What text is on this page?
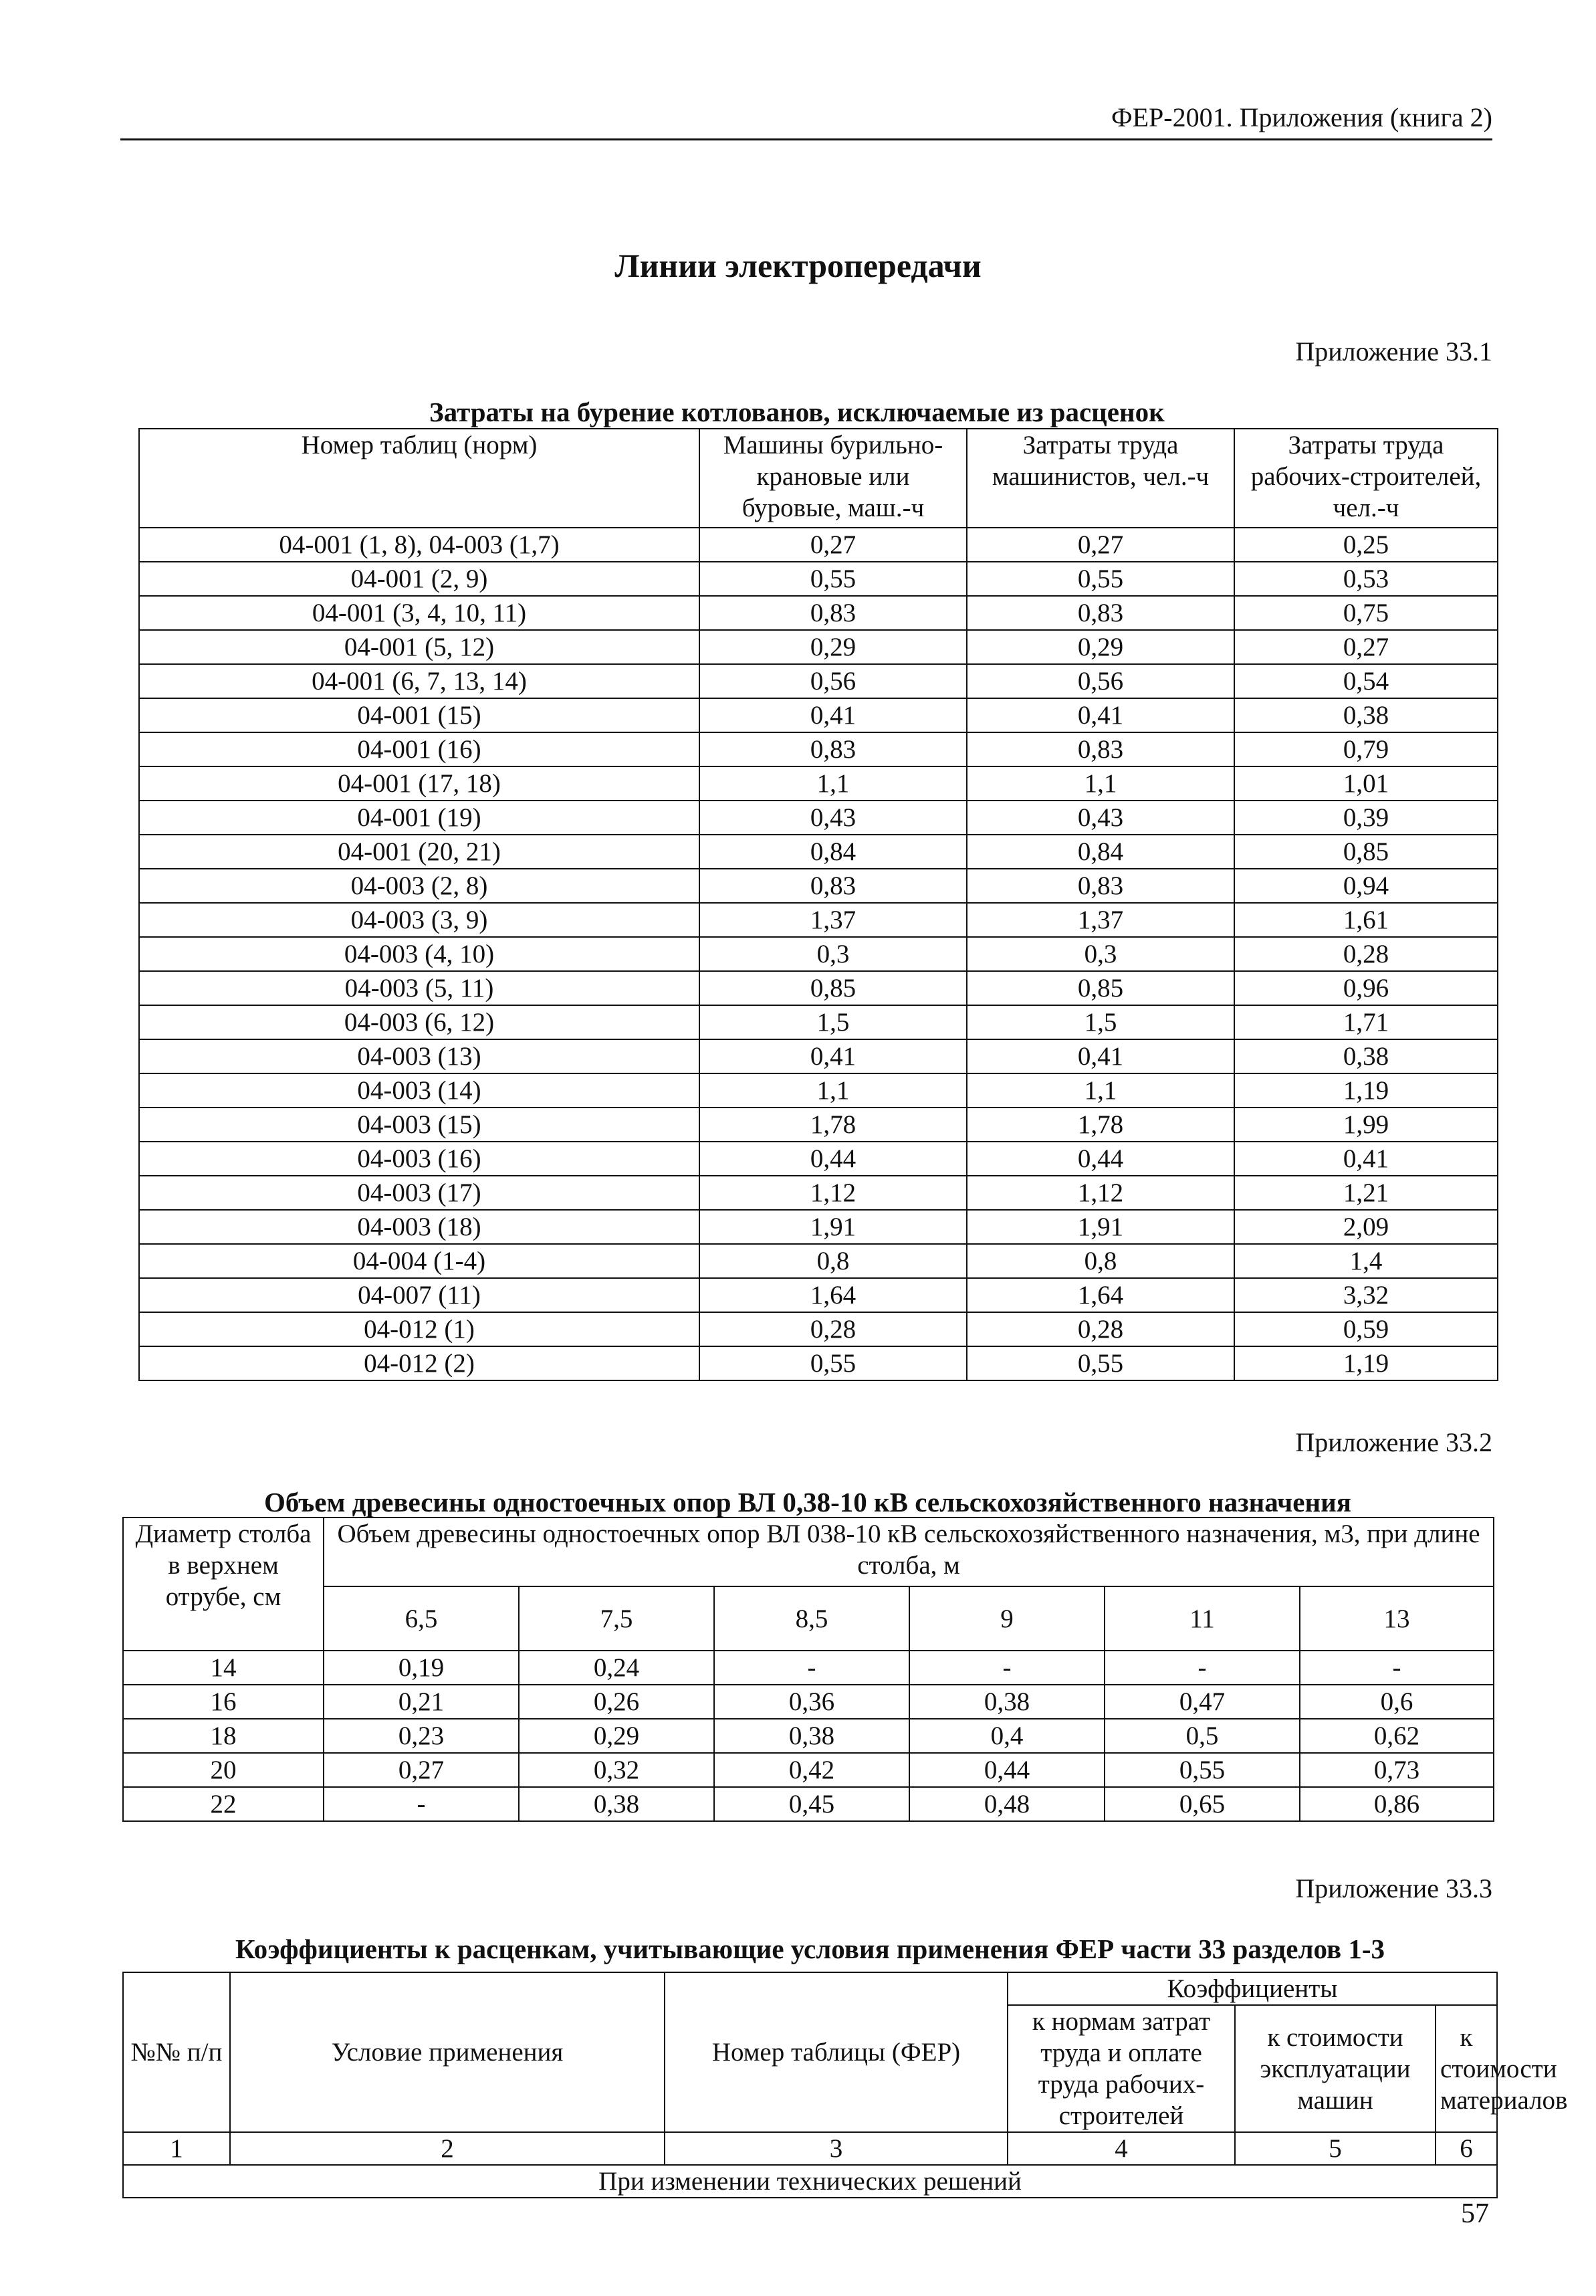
ФЕР-2001. Приложения (книга 2)
Линии электропередачи
Приложение 33.1
Затраты на бурение котлованов, исключаемые из расценок
Номер таблиц (норм)	Машины бурильно-крановые или буровые, маш.-ч	Затраты труда машинистов, чел.-ч	Затраты труда рабочих-строителей, чел.-ч
04-001 (1, 8), 04-003 (1,7)	0,27	0,27	0,25
04-001 (2, 9)	0,55	0,55	0,53
04-001 (3, 4, 10, 11)	0,83	0,83	0,75
04-001 (5, 12)	0,29	0,29	0,27
04-001 (6, 7, 13, 14)	0,56	0,56	0,54
04-001 (15)	0,41	0,41	0,38
04-001 (16)	0,83	0,83	0,79
04-001 (17, 18)	1,1	1,1	1,01
04-001 (19)	0,43	0,43	0,39
04-001 (20, 21)	0,84	0,84	0,85
04-003 (2, 8)	0,83	0,83	0,94
04-003 (3, 9)	1,37	1,37	1,61
04-003 (4, 10)	0,3	0,3	0,28
04-003 (5, 11)	0,85	0,85	0,96
04-003 (6, 12)	1,5	1,5	1,71
04-003 (13)	0,41	0,41	0,38
04-003 (14)	1,1	1,1	1,19
04-003 (15)	1,78	1,78	1,99
04-003 (16)	0,44	0,44	0,41
04-003 (17)	1,12	1,12	1,21
04-003 (18)	1,91	1,91	2,09
04-004 (1-4)	0,8	0,8	1,4
04-007 (11)	1,64	1,64	3,32
04-012 (1)	0,28	0,28	0,59
04-012 (2)	0,55	0,55	1,19
Приложение 33.2
Объем древесины одностоечных опор ВЛ 0,38-10 кВ сельскохозяйственного назначения
Диаметр столба в верхнем отрубе, см	Объем древесины одностоечных опор ВЛ 038-10 кВ сельскохозяйственного назначения, м3, при длине столба, м					
	6,5	7,5	8,5	9	11	13
14	0,19	0,24	-	-	-	-
16	0,21	0,26	0,36	0,38	0,47	0,6
18	0,23	0,29	0,38	0,4	0,5	0,62
20	0,27	0,32	0,42	0,44	0,55	0,73
22	-	0,38	0,45	0,48	0,65	0,86
Приложение 33.3
Коэффициенты к расценкам, учитывающие условия применения ФЕР части 33 разделов 1-3
№№ п/п	Условие применения	Номер таблицы (ФЕР)	Коэффициенты		
			к нормам затрат труда и оплате труда рабочих-строителей	к стоимости эксплуатации машин	к стоимости материалов
1	2	3	4	5	6
При изменении технических решений					
57
